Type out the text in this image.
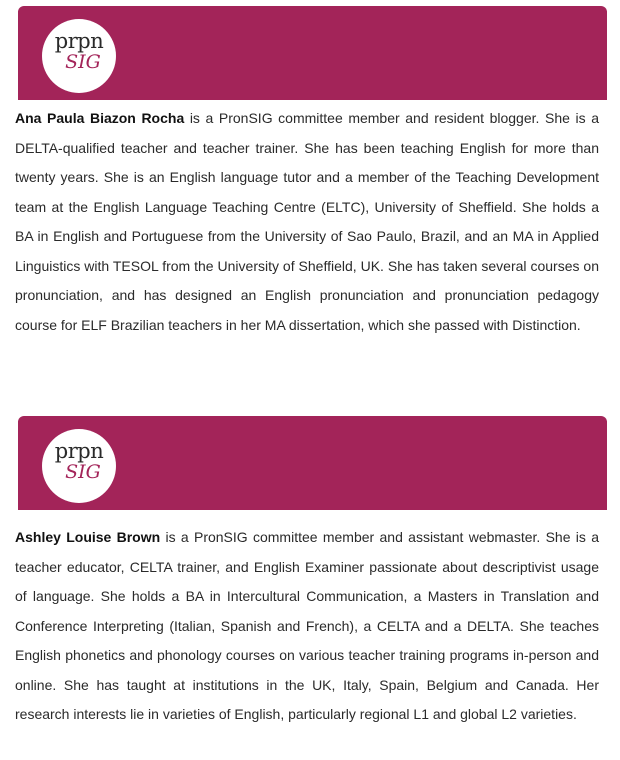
prpn
SIG

Ana Paula Biazon Rocha is a PronSIG committee member and resident blogger. She is a DELTA-qualified teacher and teacher trainer. She has been teaching English for more than twenty years. She is an English language tutor and a member of the Teaching Development team at the English Language Teaching Centre (ELTC), University of Sheffield. She holds a BA in English and Portuguese from the University of Sao Paulo, Brazil, and an MA in Applied Linguistics with TESOL from the University of Sheffield, UK. She has taken several courses on pronunciation, and has designed an English pronunciation and pronunciation pedagogy course for ELF Brazilian teachers in her MA dissertation, which she passed with Distinction.

prpn
SIG

Ashley Louise Brown is a PronSIG committee member and assistant webmaster. She is a teacher educator, CELTA trainer, and English Examiner passionate about descriptivist usage of language. She holds a BA in Intercultural Communication, a Masters in Translation and Conference Interpreting (Italian, Spanish and French), a CELTA and a DELTA. She teaches English phonetics and phonology courses on various teacher training programs in-person and online. She has taught at institutions in the UK, Italy, Spain, Belgium and Canada. Her research interests lie in varieties of English, particularly regional L1 and global L2 varieties.
